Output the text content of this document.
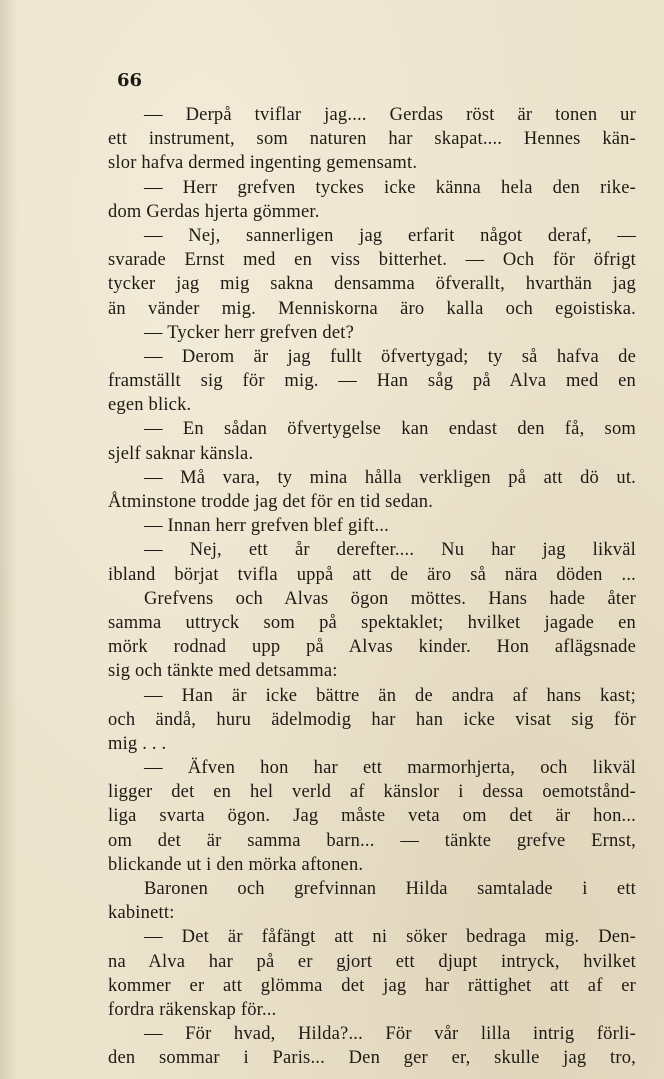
66
— Derpå tviflar jag.... Gerdas röst är tonen ur
ett instrument, som naturen har skapat.... Hennes kän-
slor hafva dermed ingenting gemensamt.
— Herr grefven tyckes icke känna hela den rike-
dom Gerdas hjerta gömmer.
— Nej, sannerligen jag erfarit något deraf, —
svarade Ernst med en viss bitterhet. — Och för öfrigt
tycker jag mig sakna densamma öfverallt, hvarthän jag
än vänder mig. Menniskorna äro kalla och egoistiska.
— Tycker herr grefven det?
— Derom är jag fullt öfvertygad; ty så hafva de
framställt sig för mig. — Han såg på Alva med en
egen blick.
— En sådan öfvertygelse kan endast den få, som
sjelf saknar känsla.
— Må vara, ty mina hålla verkligen på att dö ut.
Åtminstone trodde jag det för en tid sedan.
— Innan herr grefven blef gift...
— Nej, ett år derefter.... Nu har jag likväl
ibland börjat tvifla uppå att de äro så nära döden ...
Grefvens och Alvas ögon möttes. Hans hade åter
samma uttryck som på spektaklet; hvilket jagade en
mörk rodnad upp på Alvas kinder. Hon aflägsnade
sig och tänkte med detsamma:
— Han är icke bättre än de andra af hans kast;
och ändå, huru ädelmodig har han icke visat sig för
mig . . .
— Äfven hon har ett marmorhjerta, och likväl
ligger det en hel verld af känslor i dessa oemotstånd-
liga svarta ögon. Jag måste veta om det är hon...
om det är samma barn... — tänkte grefve Ernst,
blickande ut i den mörka aftonen.
Baronen och grefvinnan Hilda samtalade i ett
kabinett:
— Det är fåfängt att ni söker bedraga mig. Den-
na Alva har på er gjort ett djupt intryck, hvilket
kommer er att glömma det jag har rättighet att af er
fordra räkenskap för...
— För hvad, Hilda?... För vår lilla intrig förli-
den sommar i Paris... Den ger er, skulle jag tro,
